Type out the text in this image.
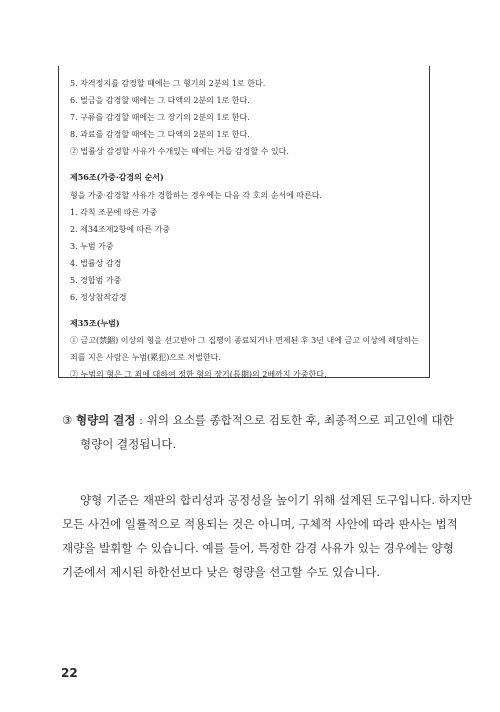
5. 자격정지를 감경할 때에는 그 형기의 2분의 1로 한다.
6. 벌금을 감경할 때에는 그 다액의 2분의 1로 한다.
7. 구류를 감경할 때에는 그 장기의 2분의 1로 한다.
8. 과료를 감경할 때에는 그 다액의 2분의 1로 한다.
② 법률상 감경할 사유가 수개있는 때에는 거듭 감경할 수 있다.
제56조(가중·감경의 순서)
형을 가중·감경할 사유가 경합하는 경우에는 다음 각 호의 순서에 따른다.
1. 각칙 조문에 따른 가중
2. 제34조제2항에 따른 가중
3. 누범 가중
4. 법률상 감경
5. 경합범 가중
6. 정상참작감경
제35조(누범)
① 금고(禁錮) 이상의 형을 선고받아 그 집행이 종료되거나 면제된 후 3년 내에 금고 이상에 해당하는
죄를 지은 사람은 누범(累犯)으로 처벌한다.
② 누범의 형은 그 죄에 대하여 정한 형의 장기(長期)의 2배까지 가중한다.
③ 형량의 결정 : 위의 요소를 종합적으로 검토한 후, 최종적으로 피고인에 대한
형량이 결정됩니다.
양형 기준은 재판의 합리성과 공정성을 높이기 위해 설계된 도구입니다. 하지만
모든 사건에 일률적으로 적용되는 것은 아니며, 구체적 사안에 따라 판사는 법적
재량을 발휘할 수 있습니다. 예를 들어, 특정한 감경 사유가 있는 경우에는 양형
기준에서 제시된 하한선보다 낮은 형량을 선고할 수도 있습니다.
22
